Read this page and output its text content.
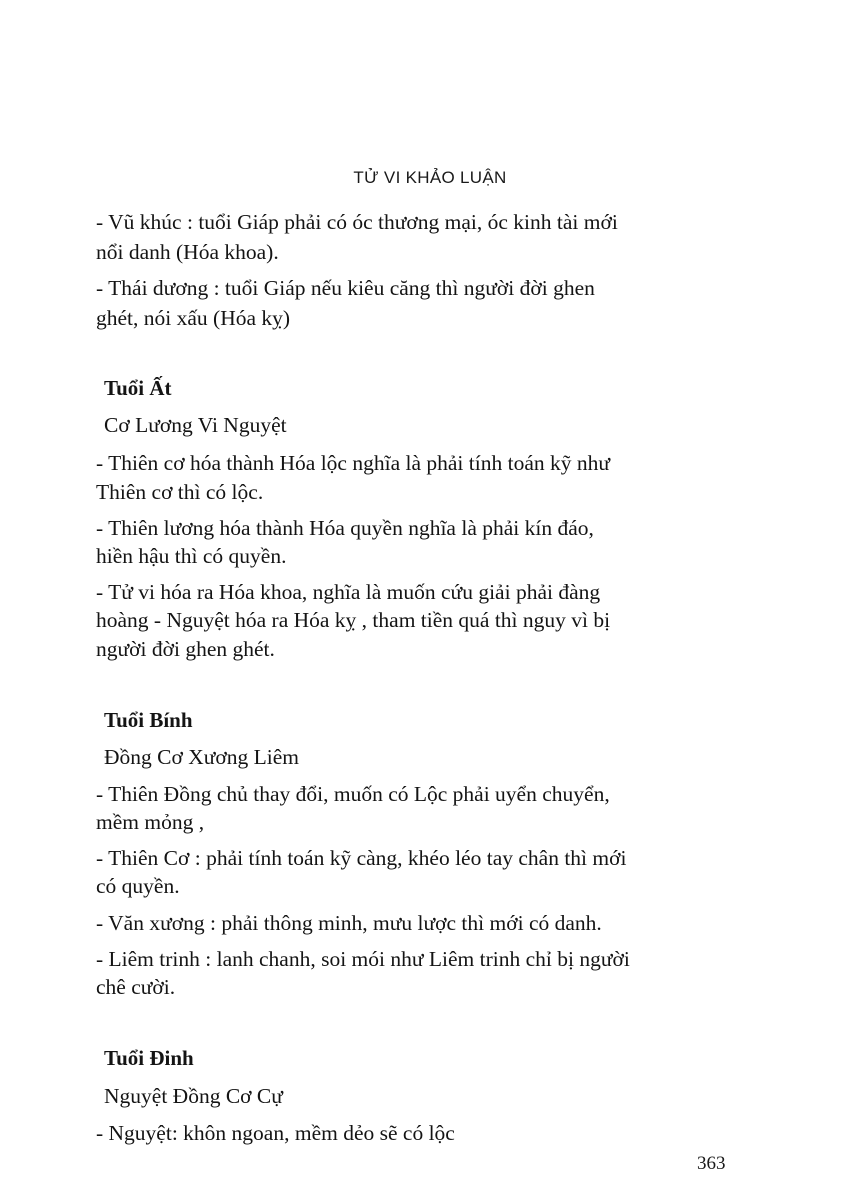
TỬ VI KHẢO LUẬN
- Vũ khúc : tuổi Giáp phải có óc thương mại, óc kinh tài mới
nổi danh (Hóa khoa).
- Thái dương : tuổi Giáp nếu kiêu căng thì người đời ghen
ghét, nói xấu (Hóa kỵ)
Tuổi Ất
Cơ Lương Vi Nguyệt
- Thiên cơ hóa thành Hóa lộc nghĩa là phải tính toán kỹ như
Thiên cơ thì có lộc.
- Thiên lương hóa thành Hóa quyền nghĩa là phải kín đáo,
hiền hậu thì có quyền.
- Tử vi hóa ra Hóa khoa, nghĩa là muốn cứu giải phải đàng
hoàng - Nguyệt hóa ra Hóa kỵ , tham tiền quá thì nguy vì bị
người đời ghen ghét.
Tuổi Bính
Đồng Cơ Xương Liêm
- Thiên Đồng chủ thay đổi, muốn có Lộc phải uyển chuyển,
mềm mỏng ,
- Thiên Cơ : phải tính toán kỹ càng, khéo léo tay chân thì mới
có quyền.
- Văn xương : phải thông minh, mưu lược thì mới có danh.
- Liêm trinh : lanh chanh, soi mói như Liêm trinh chỉ bị người
chê cười.
Tuổi Đinh
Nguyệt Đồng Cơ Cự
- Nguyệt: khôn ngoan, mềm dẻo sẽ có lộc
363
